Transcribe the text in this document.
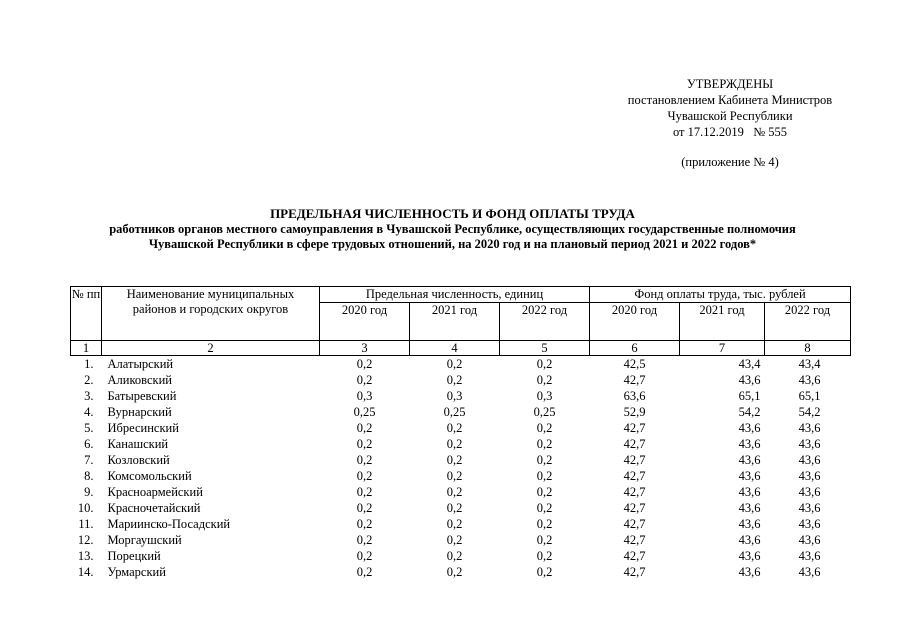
УТВЕРЖДЕНЫ
постановлением Кабинета Министров
Чувашской Республики
от 17.12.2019   № 555
(приложение № 4)
ПРЕДЕЛЬНАЯ ЧИСЛЕННОСТЬ И ФОНД ОПЛАТЫ ТРУДА
работников органов местного самоуправления в Чувашской Республике, осуществляющих государственные полномочия
Чувашской Республики в сфере трудовых отношений, на 2020 год и на плановый период 2021 и 2022 годов*
№ пп	Наименование муниципальных районов и городских округов	Предельная численность, единиц			Фонд оплаты труда, тыс. рублей		
		2020 год	2021 год	2022 год	2020 год	2021 год	2022 год
1	2	3	4	5	6	7	8
1.	Алатырский	0,2	0,2	0,2	42,5	43,4	43,4
2.	Аликовский	0,2	0,2	0,2	42,7	43,6	43,6
3.	Батыревский	0,3	0,3	0,3	63,6	65,1	65,1
4.	Вурнарский	0,25	0,25	0,25	52,9	54,2	54,2
5.	Ибресинский	0,2	0,2	0,2	42,7	43,6	43,6
6.	Канашский	0,2	0,2	0,2	42,7	43,6	43,6
7.	Козловский	0,2	0,2	0,2	42,7	43,6	43,6
8.	Комсомольский	0,2	0,2	0,2	42,7	43,6	43,6
9.	Красноармейский	0,2	0,2	0,2	42,7	43,6	43,6
10.	Красночетайский	0,2	0,2	0,2	42,7	43,6	43,6
11.	Мариинско-Посадский	0,2	0,2	0,2	42,7	43,6	43,6
12.	Моргаушский	0,2	0,2	0,2	42,7	43,6	43,6
13.	Порецкий	0,2	0,2	0,2	42,7	43,6	43,6
14.	Урмарский	0,2	0,2	0,2	42,7	43,6	43,6
